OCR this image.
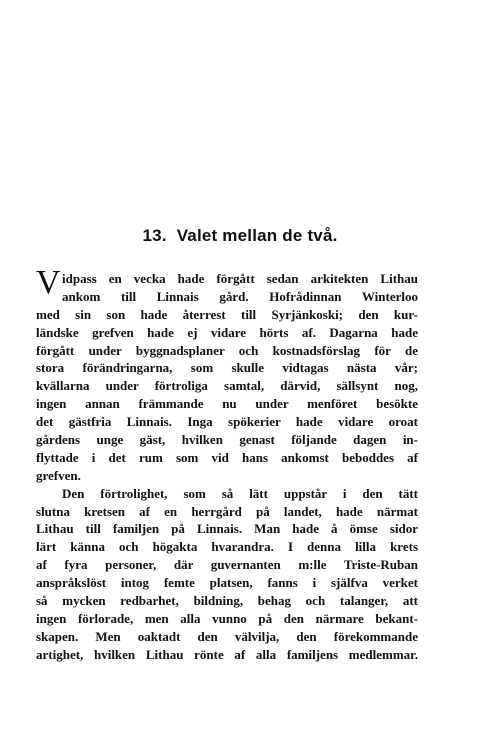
13. Valet mellan de två.
V idpass en vecka hade förgått sedan arkitekten Lithau
ankom till Linnais gård. Hofrådinnan Winterloo
med sin son hade återrest till Syrjänkoski; den kur-
ländske grefven hade ej vidare hörts af. Dagarna hade
förgått under byggnadsplaner och kostnadsförslag för de
stora förändringarna, som skulle vidtagas nästa vår;
kvällarna under förtroliga samtal, därvid, sällsynt nog,
ingen annan främmande nu under menföret besökte
det gästfria Linnais. Inga spökerier hade vidare oroat
gårdens unge gäst, hvilken genast följande dagen in-
flyttade i det rum som vid hans ankomst beboddes af
grefven.
Den förtrolighet, som så lätt uppstår i den tätt
slutna kretsen af en herrgård på landet, hade närmat
Lithau till familjen på Linnais. Man hade å ömse sidor
lärt känna och högakta hvarandra. I denna lilla krets
af fyra personer, där guvernanten m:lle Triste-Ruban
anspråkslöst intog femte platsen, fanns i själfva verket
så mycken redbarhet, bildning, behag och talanger, att
ingen förlorade, men alla vunno på den närmare bekant-
skapen. Men oaktadt den välvilja, den förekommande
artighet, hvilken Lithau rönte af alla familjens medlemmar.
